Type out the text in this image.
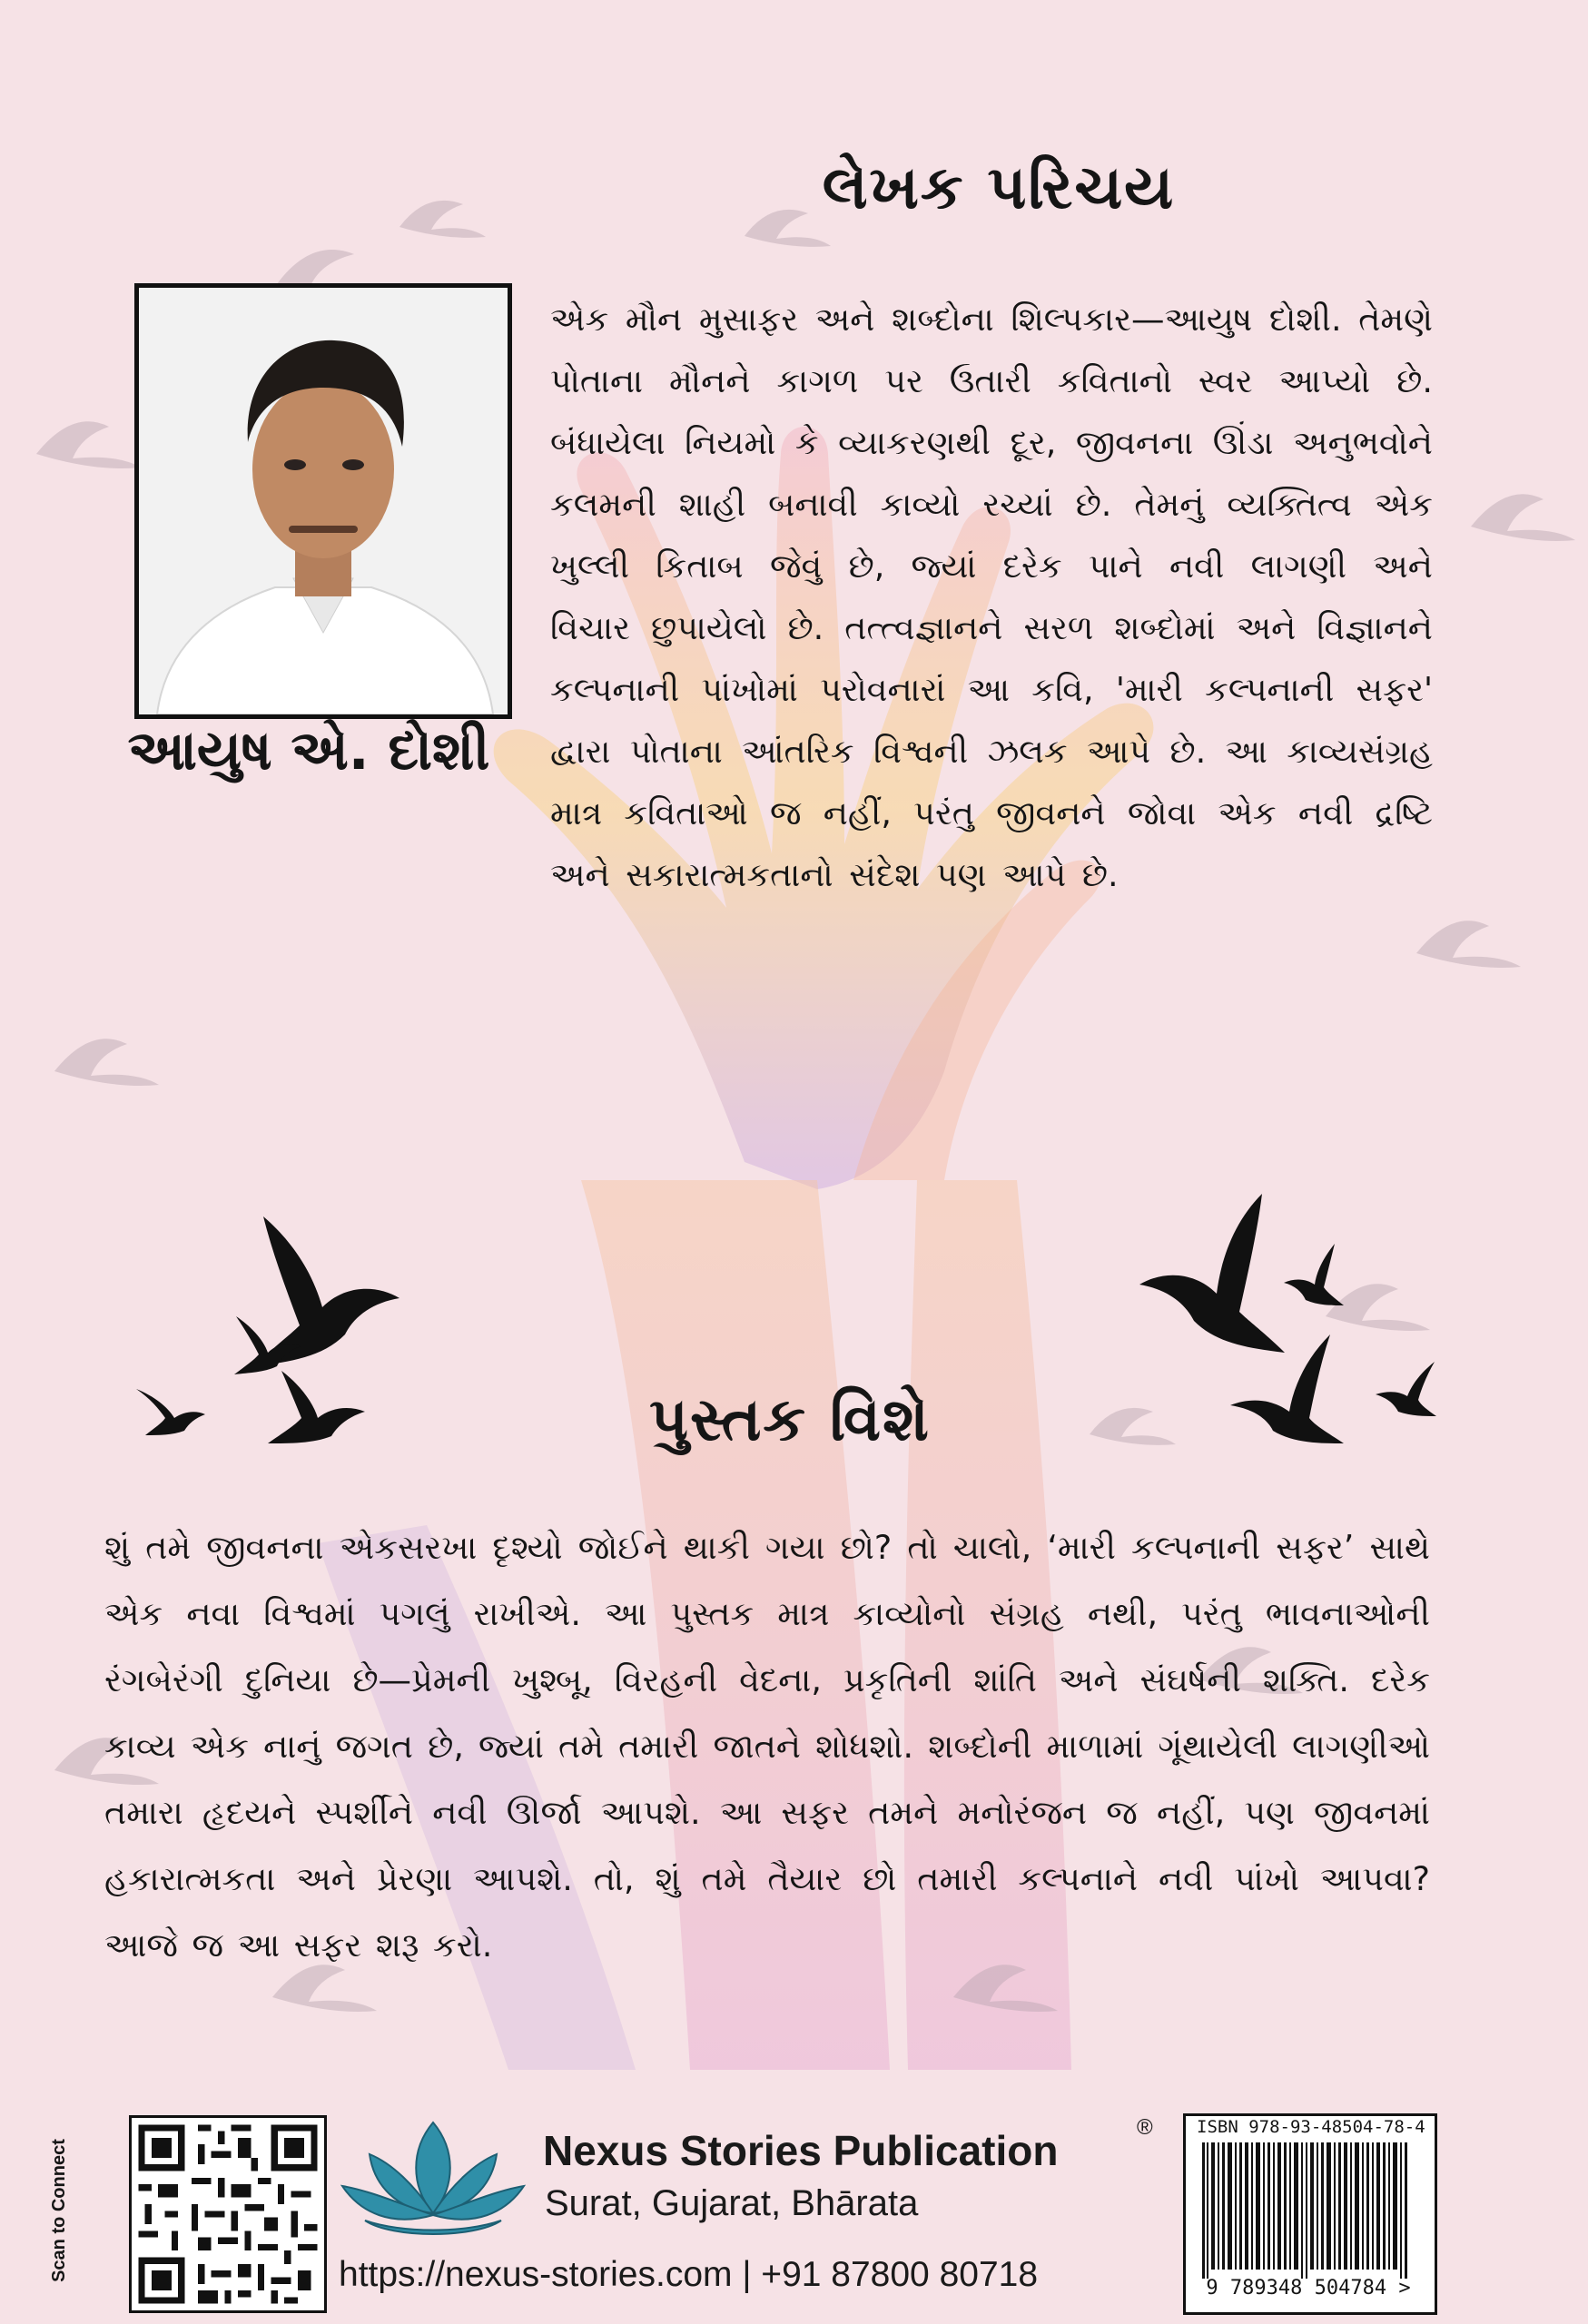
લેખક પરિચય
આયુષ એ. દોશી
એક મૌન મુસાફર અને શબ્દોના શિલ્પકાર—આયુષ દોશી. તેમણે પોતાના મૌનને કાગળ પર ઉતારી કવિતાનો સ્વર આપ્યો છે. બંધાયેલા નિયમો કે વ્યાકરણથી દૂર, જીવનના ઊંડા અનુભવોને કલમની શાહી બનાવી કાવ્યો રચ્યાં છે. તેમનું વ્યક્તિત્વ એક ખુલ્લી કિતાબ જેવું છે, જ્યાં દરેક પાને નવી લાગણી અને વિચાર છુપાયેલો છે. તત્ત્વજ્ઞાનને સરળ શબ્દોમાં અને વિજ્ઞાનને કલ્પનાની પાંખોમાં પરોવનારાં આ કવિ, 'મારી કલ્પનાની સફર' દ્વારા પોતાના આંતરિક વિશ્વની ઝલક આપે છે. આ કાવ્યસંગ્રહ માત્ર કવિતાઓ જ નહીં, પરંતુ જીવનને જોવા એક નવી દ્રષ્ટિ અને સકારાત્મકતાનો સંદેશ પણ આપે છે.
પુસ્તક વિશે
શું તમે જીવનના એકસરખા દૃશ્યો જોઈને થાકી ગયા છો? તો ચાલો, ‘મારી કલ્પનાની સફર’ સાથે એક નવા વિશ્વમાં પગલું રાખીએ. આ પુસ્તક માત્ર કાવ્યોનો સંગ્રહ નથી, પરંતુ ભાવનાઓની રંગબેરંગી દુનિયા છે—પ્રેમની ખુશ્બૂ, વિરહની વેદના, પ્રકૃતિની શાંતિ અને સંઘર્ષની શક્તિ. દરેક કાવ્ય એક નાનું જગત છે, જ્યાં તમે તમારી જાતને શોધશો. શબ્દોની માળામાં ગૂંથાયેલી લાગણીઓ તમારા હૃદયને સ્પર્શીને નવી ઊર્જા આપશે. આ સફર તમને મનોરંજન જ નહીં, પણ જીવનમાં હકારાત્મકતા અને પ્રેરણા આપશે. તો, શું તમે તૈયાર છો તમારી કલ્પનાને નવી પાંખો આપવા? આજે જ આ સફર શરૂ કરો.
Scan to Connect	Nexus Stories Publication	®
Surat, Gujarat, Bhārata
https://nexus-stories.com | +91 87800 80718
ISBN 978-93-48504-78-4
9 789348 504784 >
